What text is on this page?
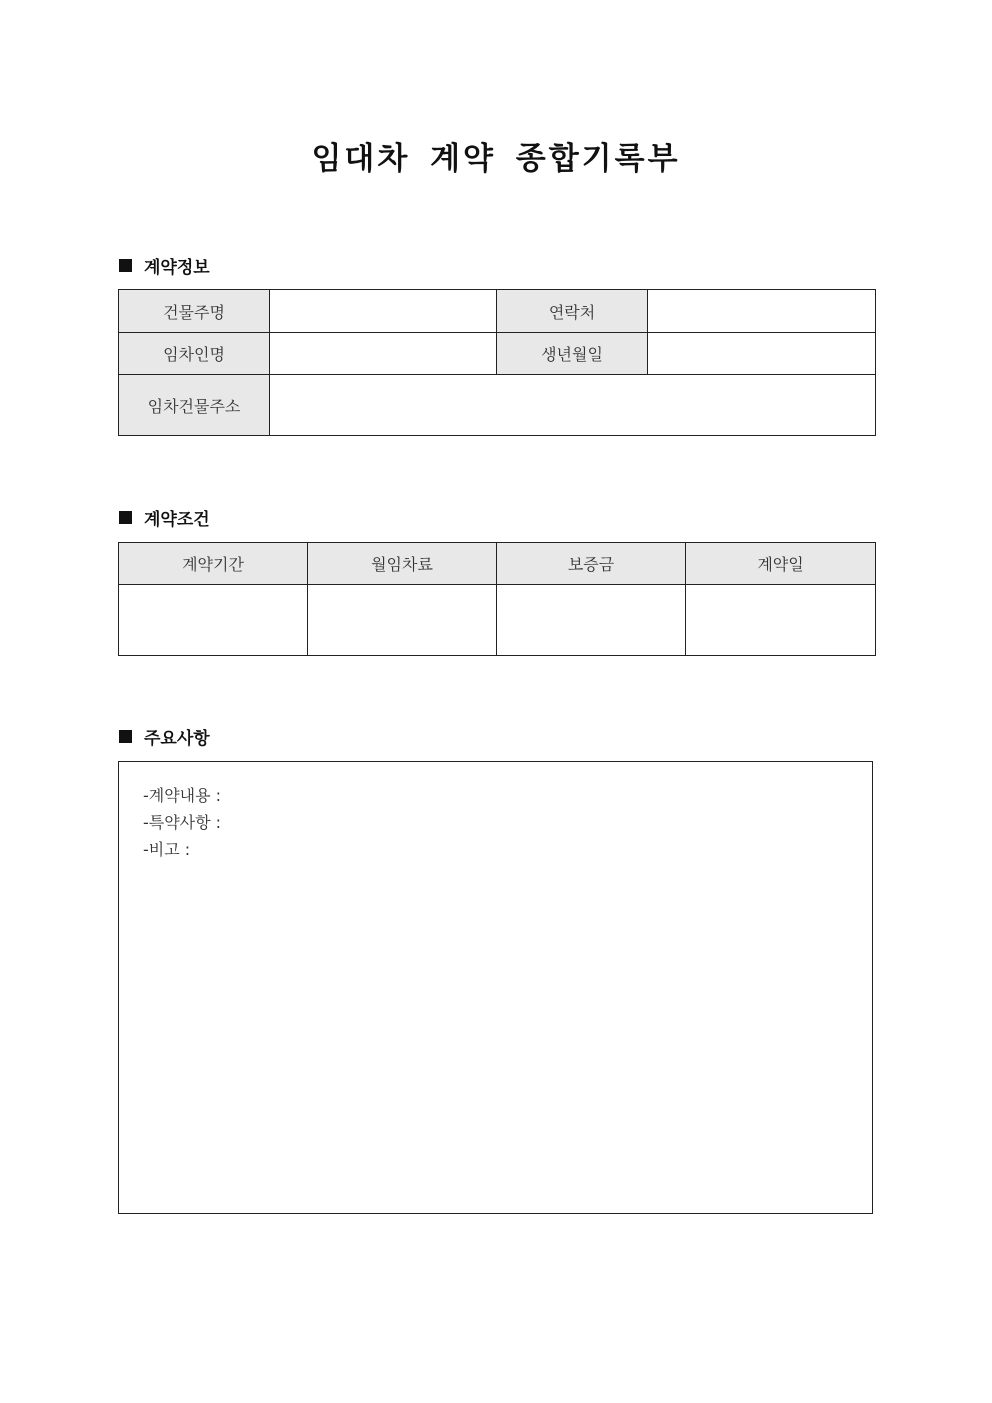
임대차 계약 종합기록부
계약정보
건물주명		연락처	
임차인명		생년월일	
임차건물주소			
계약조건
계약기간	월임차료	보증금	계약일

주요사항
-계약내용 :
-특약사항 :
-비고 :
